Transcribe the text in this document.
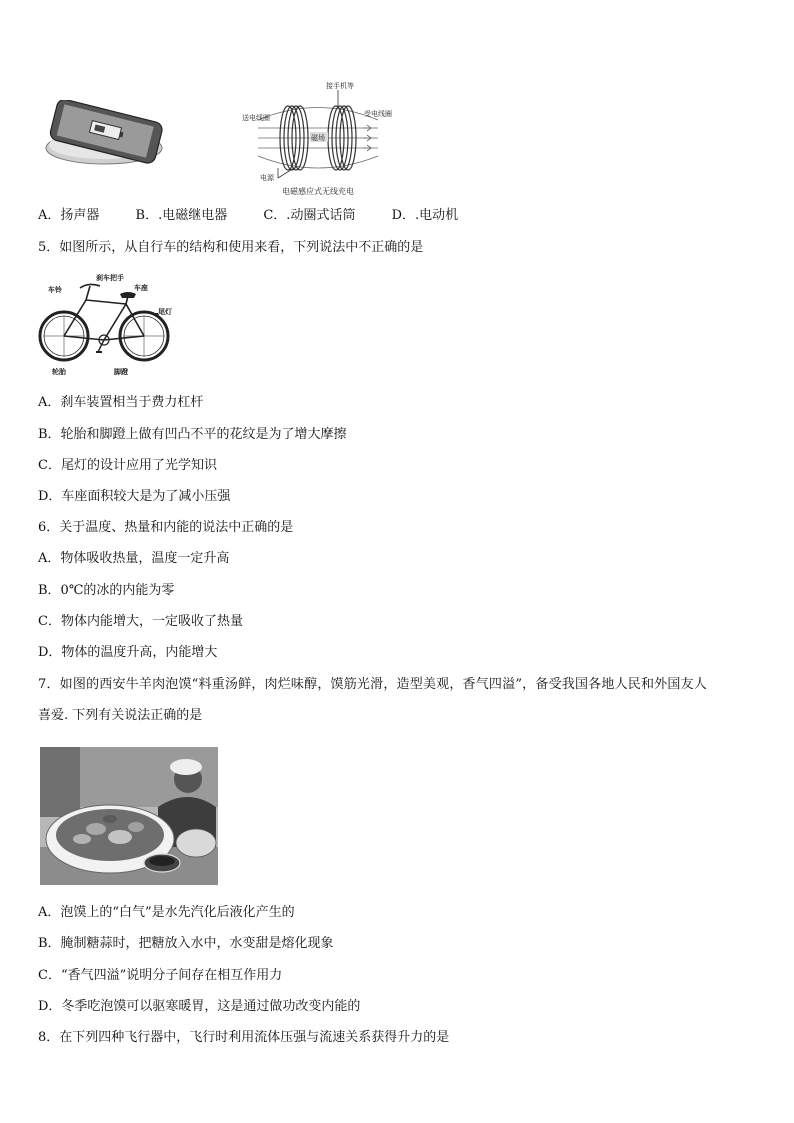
接手机等
送电线圈	受电线圈
磁场
电源
电磁感应式无线充电
A．扬声器	B．.电磁继电器	C．.动圈式话筒	D．.电动机
5．如图所示，从自行车的结构和使用来看，下列说法中不正确的是
刹车把手
车铃	车座
尾灯
轮胎	脚蹬
A．刹车装置相当于费力杠杆
B．轮胎和脚蹬上做有凹凸不平的花纹是为了增大摩擦
C．尾灯的设计应用了光学知识
D．车座面积较大是为了减小压强
6．关于温度、热量和内能的说法中正确的是
A．物体吸收热量，温度一定升高
B．0℃的冰的内能为零
C．物体内能增大，一定吸收了热量
D．物体的温度升高，内能增大
7．如图的西安牛羊肉泡馍“料重汤鲜，肉烂味醇，馍筋光滑，造型美观，香气四溢”，备受我国各地人民和外国友人
喜爱. 下列有关说法正确的是
A．泡馍上的“白气”是水先汽化后液化产生的
B．腌制糖蒜时，把糖放入水中，水变甜是熔化现象
C．“香气四溢”说明分子间存在相互作用力
D．冬季吃泡馍可以驱寒暖胃，这是通过做功改变内能的
8．在下列四种飞行器中，飞行时利用流体压强与流速关系获得升力的是
